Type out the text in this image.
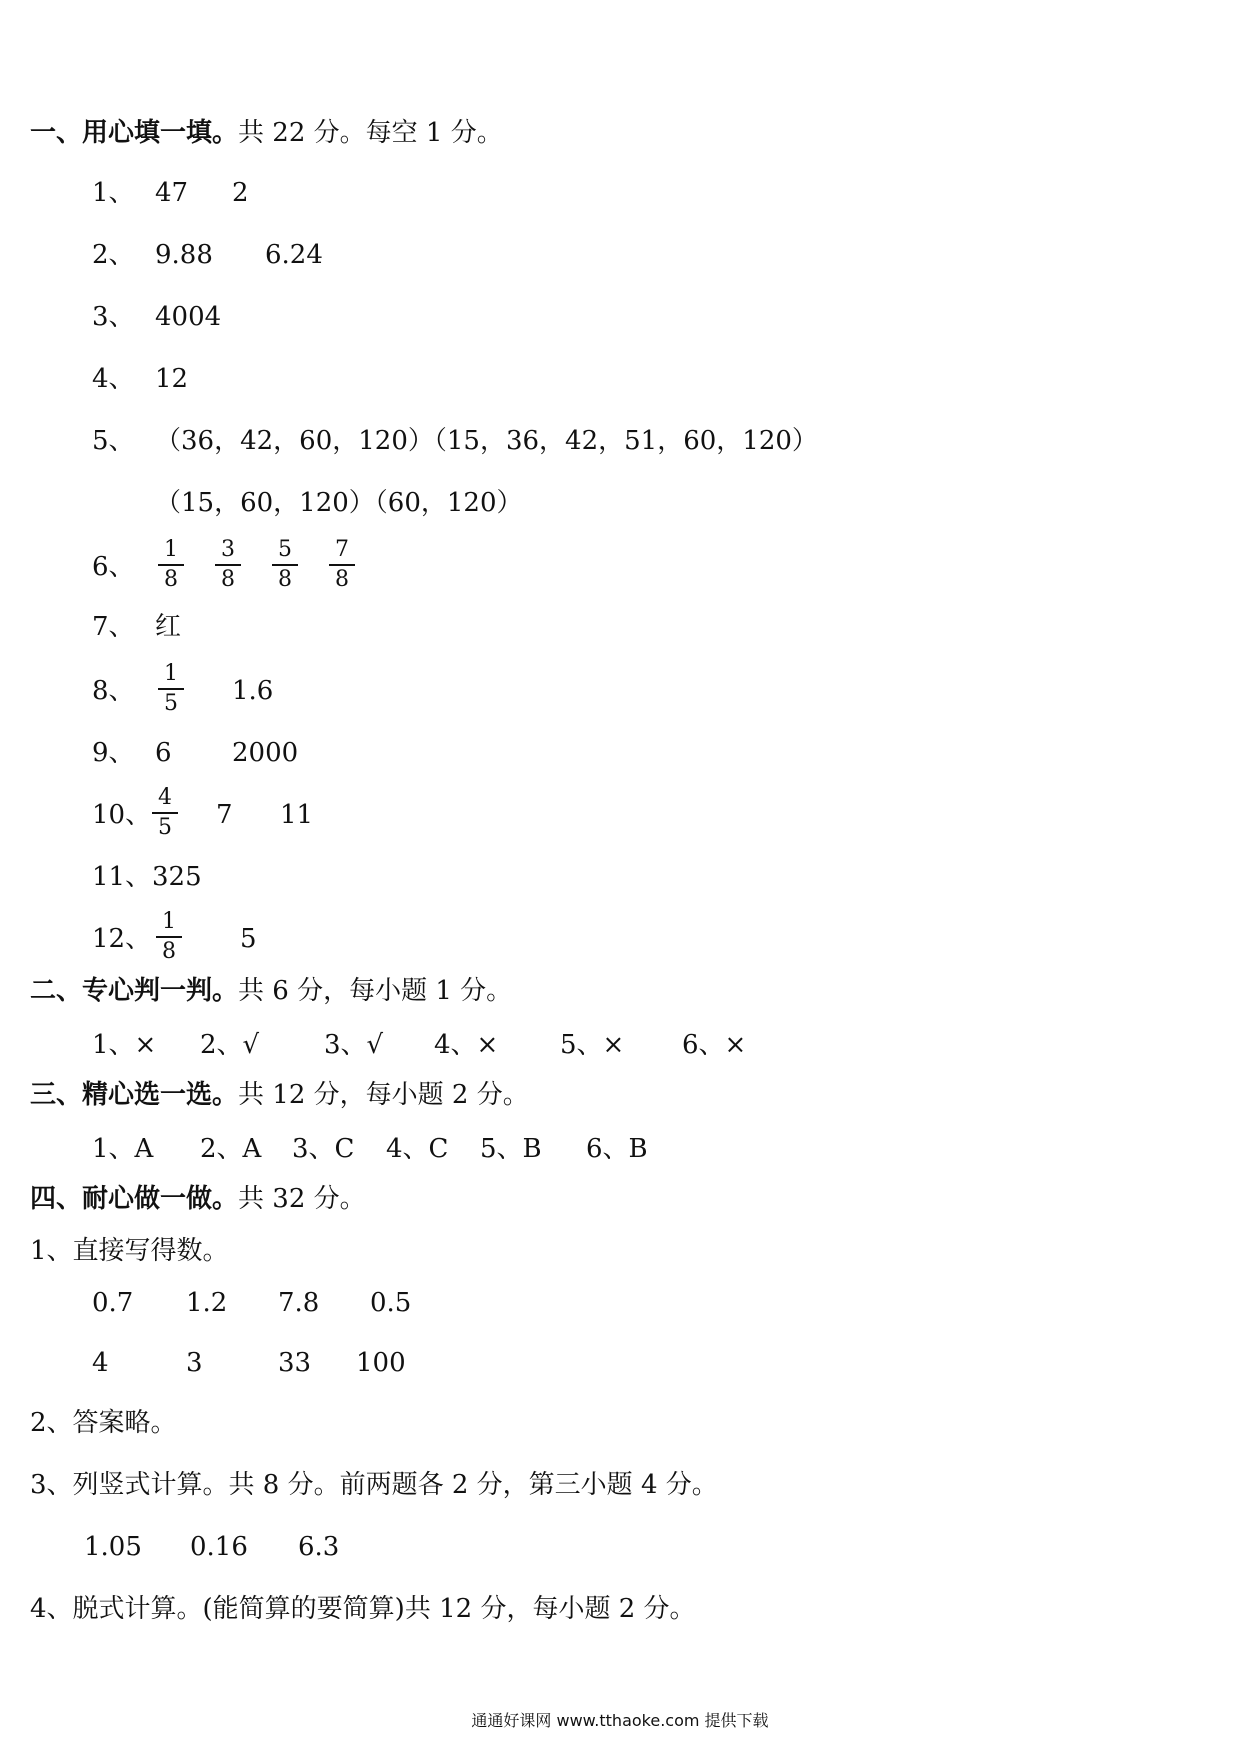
一、用心填一填。共 22 分。每空 1 分。
1、 47 2
2、 9.88 6.24
3、 4004
4、 12
5、 （36，42，60，120）（15，36，42，51，60，120）
（15，60，120）（60，120）
6、
1
8
3
8
5
8
7
8
7、 红
8、
1
5 1.6
9、 6 2000
10、
4
5 7 11
11、 325
12、
1
8 5
二、专心判一判。共 6 分，每小题 1 分。
1、× 2、√ 3、√ 4、× 5、× 6、×
三、精心选一选。共 12 分，每小题 2 分。
1、A 2、A 3、C 4、C 5、B 6、B
四、耐心做一做。共 32 分。
1、直接写得数。
0.7 1.2 7.8 0.5
4	3	33 100
2、答案略。
3、列竖式计算。共 8 分。前两题各 2 分，第三小题 4 分。
1.05 0.16 6.3
4、脱式计算。(能简算的要简算)共 12 分，每小题 2 分。
通通好课网 www.tthaoke.com 提供下载
